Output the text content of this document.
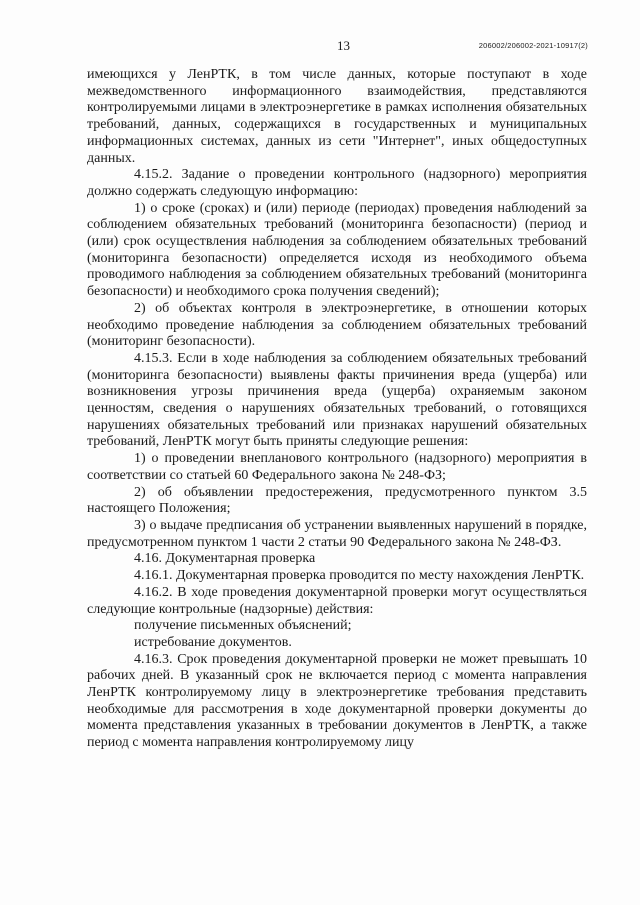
13	206002/206002-2021-10917(2)

имеющихся у ЛенРТК, в том числе данных, которые поступают в ходе межведомственного информационного взаимодействия, представляются контролируемыми лицами в электроэнергетике в рамках исполнения обязательных требований, данных, содержащихся в государственных и муниципальных информационных системах, данных из сети "Интернет", иных общедоступных данных.

4.15.2. Задание о проведении контрольного (надзорного) мероприятия должно содержать следующую информацию:

1) о сроке (сроках) и (или) периоде (периодах) проведения наблюдений за соблюдением обязательных требований (мониторинга безопасности) (период и (или) срок осуществления наблюдения за соблюдением обязательных требований (мониторинга безопасности) определяется исходя из необходимого объема проводимого наблюдения за соблюдением обязательных требований (мониторинга безопасности) и необходимого срока получения сведений);

2) об объектах контроля в электроэнергетике, в отношении которых необходимо проведение наблюдения за соблюдением обязательных требований (мониторинг безопасности).

4.15.3. Если в ходе наблюдения за соблюдением обязательных требований (мониторинга безопасности) выявлены факты причинения вреда (ущерба) или возникновения угрозы причинения вреда (ущерба) охраняемым законом ценностям, сведения о нарушениях обязательных требований, о готовящихся нарушениях обязательных требований или признаках нарушений обязательных требований, ЛенРТК могут быть приняты следующие решения:

1) о проведении внепланового контрольного (надзорного) мероприятия в соответствии со статьей 60 Федерального закона № 248-ФЗ;

2) об объявлении предостережения, предусмотренного пунктом 3.5 настоящего Положения;

3) о выдаче предписания об устранении выявленных нарушений в порядке, предусмотренном пунктом 1 части 2 статьи 90 Федерального закона № 248-ФЗ.

4.16. Документарная проверка

4.16.1. Документарная проверка проводится по месту нахождения ЛенРТК.

4.16.2. В ходе проведения документарной проверки могут осуществляться следующие контрольные (надзорные) действия:

получение письменных объяснений;

истребование документов.

4.16.3. Срок проведения документарной проверки не может превышать 10 рабочих дней. В указанный срок не включается период с момента направления ЛенРТК контролируемому лицу в электроэнергетике требования представить необходимые для рассмотрения в ходе документарной проверки документы до момента представления указанных в требовании документов в ЛенРТК, а также период с момента направления контролируемому лицу
